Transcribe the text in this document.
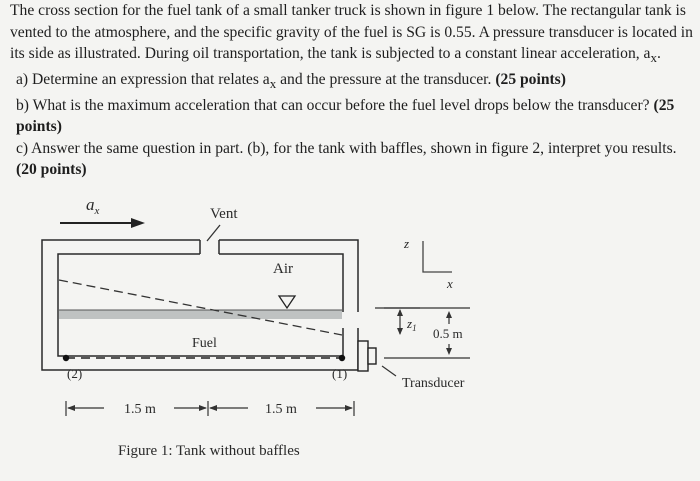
The cross section for the fuel tank of a small tanker truck is shown in figure 1 below. The rectangular tank is vented to the atmosphere, and the specific gravity of the fuel is SG is 0.55. A pressure transducer is located in its side as illustrated. During oil transportation, the tank is subjected to a constant linear acceleration, $a_x$.

a) Determine an expression that relates $a_x$ and the pressure at the transducer. (25 points)

b) What is the maximum acceleration that can occur before the fuel level drops below the transducer? (25 points)

c) Answer the same question in part. (b), for the tank with baffles, shown in figure 2, interpret you results. (20 points)

$a_x$	Vent
Air
Fuel
(2)	(1)
Transducer
z
x
$z_1$ 0.5 m
1.5 m	1.5 m
Figure 1: Tank without baffles
